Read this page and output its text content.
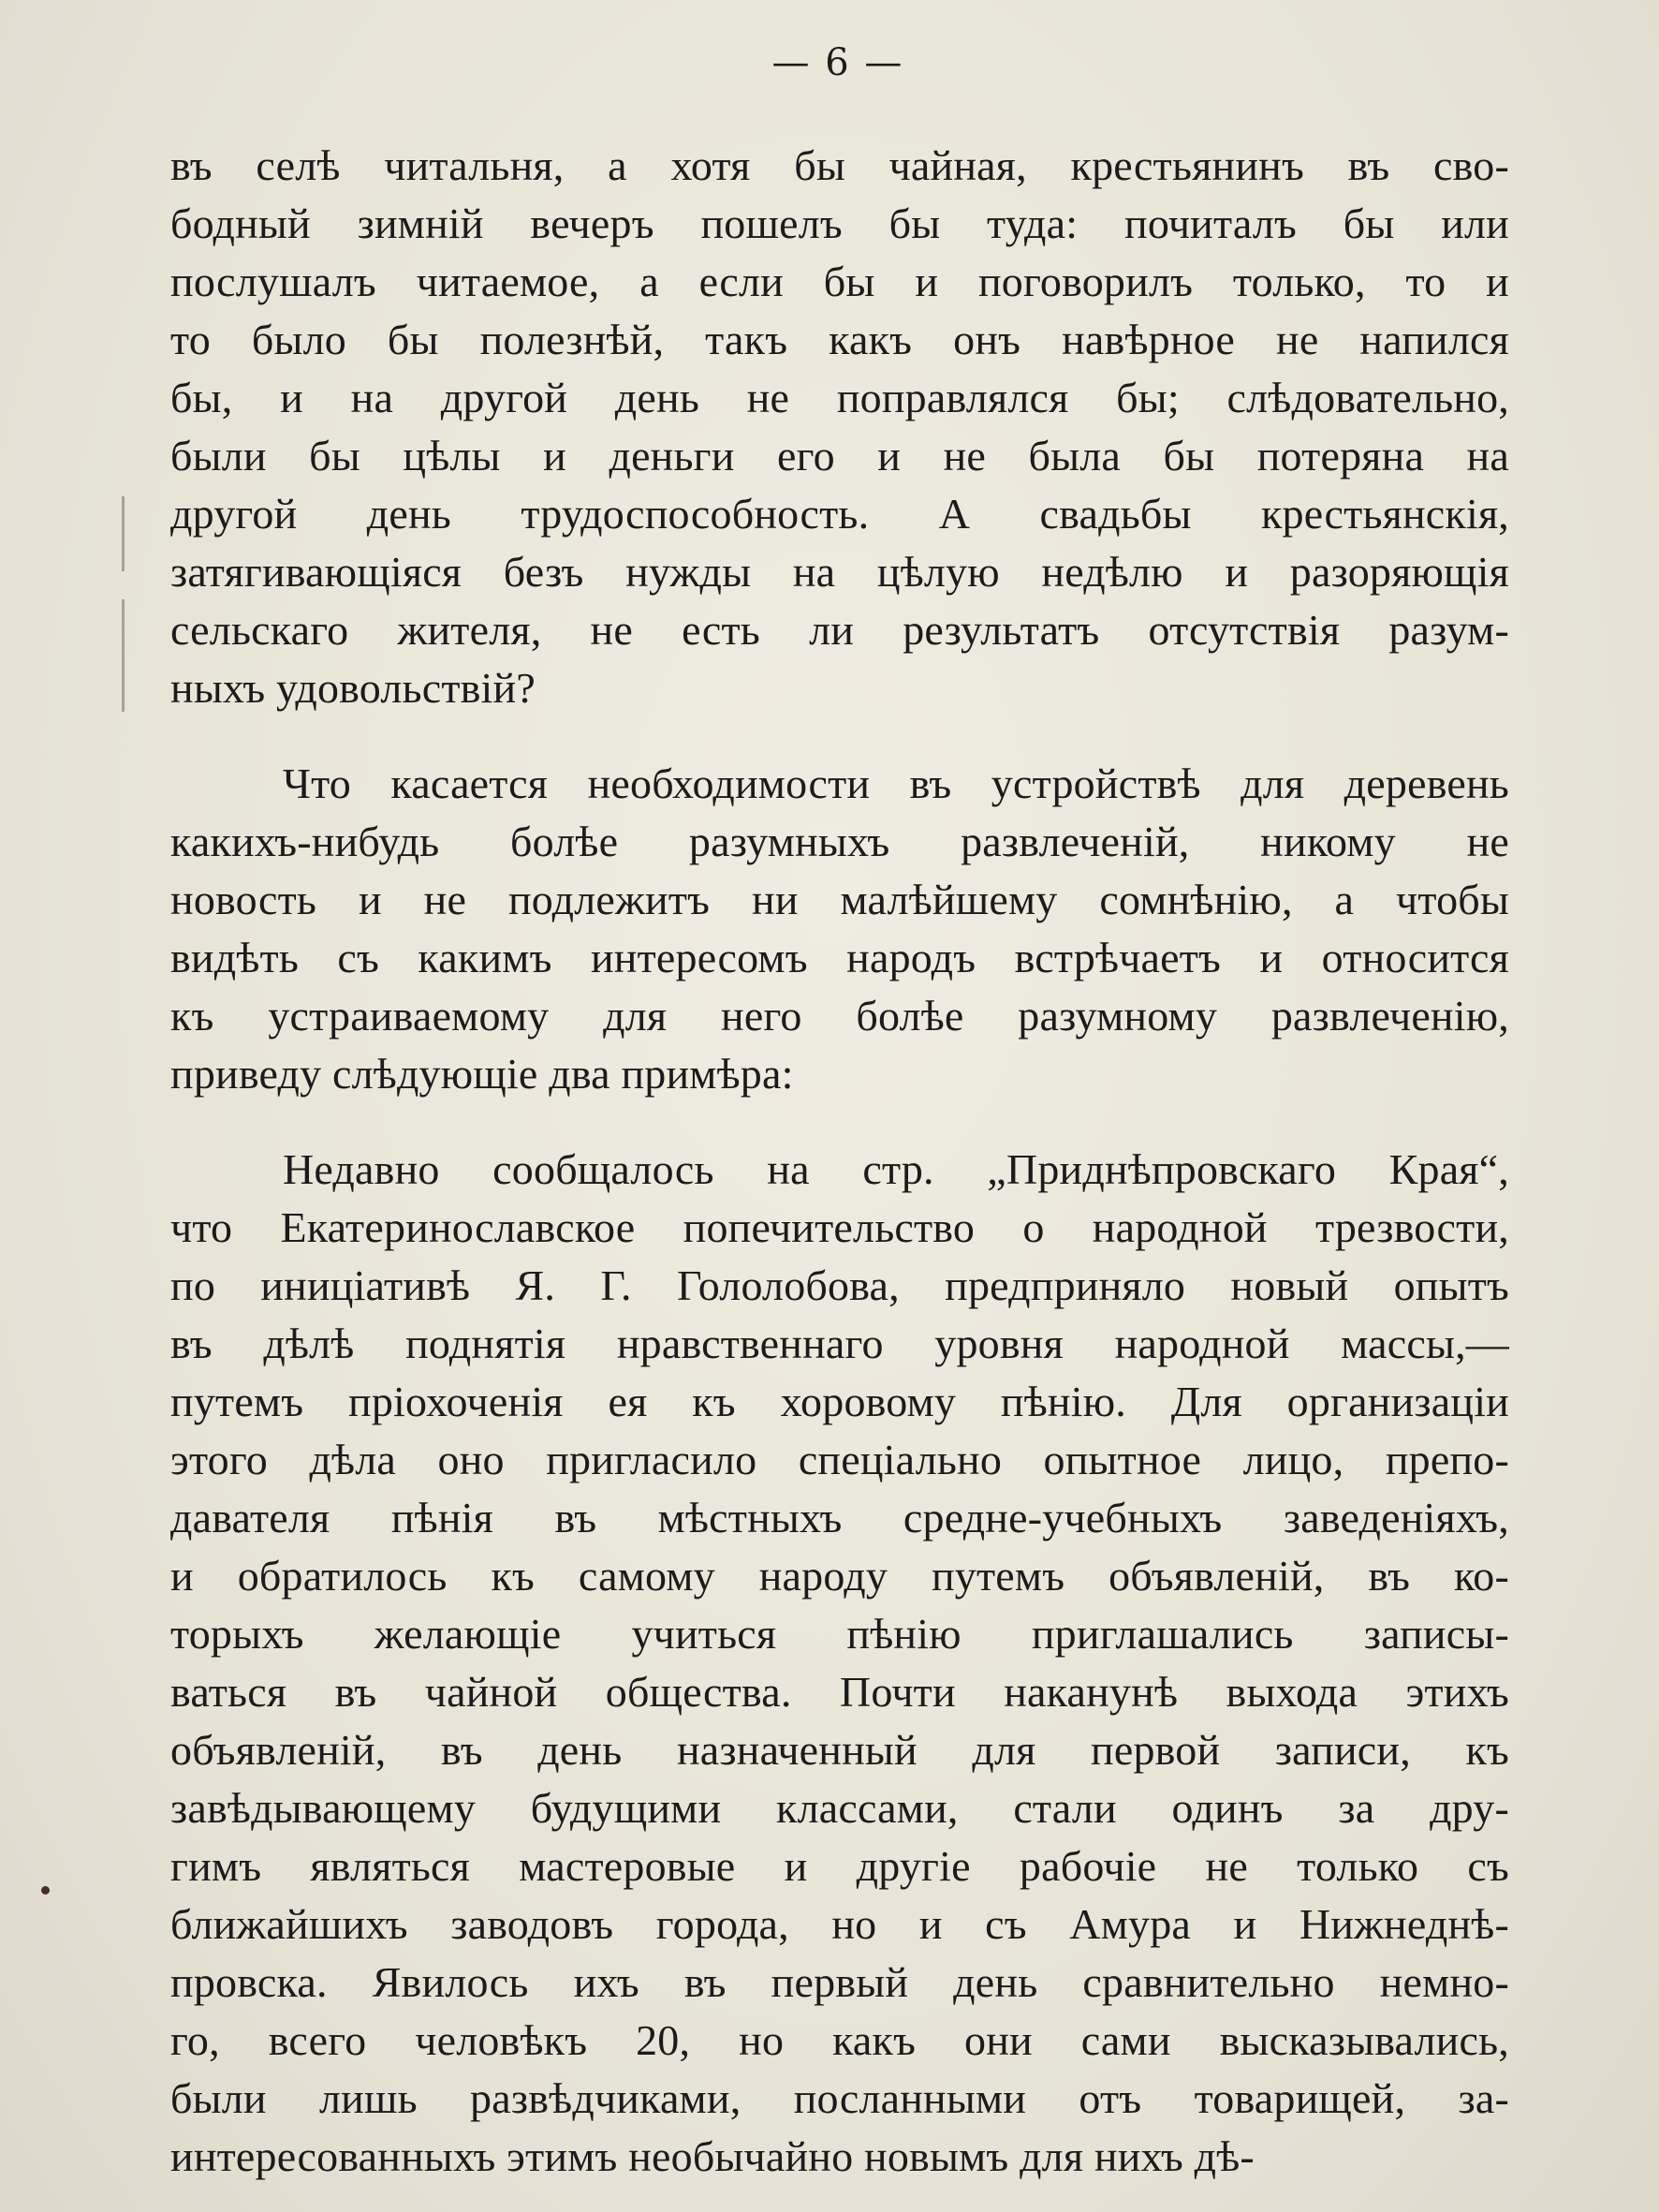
— 6 —
въ селѣ читальня, а хотя бы чайная, крестьянинъ въ сво-
бодный зимній вечеръ пошелъ бы туда: почиталъ бы или
послушалъ читаемое, а если бы и поговорилъ только, то и
то было бы полезнѣй, такъ какъ онъ навѣрное не напился
бы, и на другой день не поправлялся бы; слѣдовательно,
были бы цѣлы и деньги его и не была бы потеряна на
другой день трудоспособность. А свадьбы крестьянскія,
затягивающіяся безъ нужды на цѣлую недѣлю и разоряющія
сельскаго жителя, не есть ли результатъ отсутствія разум-
ныхъ удовольствій?
Что касается необходимости въ устройствѣ для деревень
какихъ-нибудь болѣе разумныхъ развлеченій, никому не
новость и не подлежитъ ни малѣйшему сомнѣнію, а чтобы
видѣть съ какимъ интересомъ народъ встрѣчаетъ и относится
къ устраиваемому для него болѣе разумному развлеченію,
приведу слѣдующіе два примѣра:
Недавно сообщалось на стр. „Приднѣпровскаго Края“,
что Екатеринославское попечительство о народной трезвости,
по иниціативѣ Я. Г. Гололобова, предприняло новый опытъ
въ дѣлѣ поднятія нравственнаго уровня народной массы,—
путемъ пріохоченія ея къ хоровому пѣнію. Для организаціи
этого дѣла оно пригласило спеціально опытное лицо, препо-
давателя пѣнія въ мѣстныхъ средне-учебныхъ заведеніяхъ,
и обратилось къ самому народу путемъ объявленій, въ ко-
торыхъ желающіе учиться пѣнію приглашались записы-
ваться въ чайной общества. Почти наканунѣ выхода этихъ
объявленій, въ день назначенный для первой записи, къ
завѣдывающему будущими классами, стали одинъ за дру-
гимъ являться мастеровые и другіе рабочіе не только съ
ближайшихъ заводовъ города, но и съ Амура и Нижнеднѣ-
провска. Явилось ихъ въ первый день сравнительно немно-
го, всего человѣкъ 20, но какъ они сами высказывались,
были лишь развѣдчиками, посланными отъ товарищей, за-
интересованныхъ этимъ необычайно новымъ для нихъ дѣ-
